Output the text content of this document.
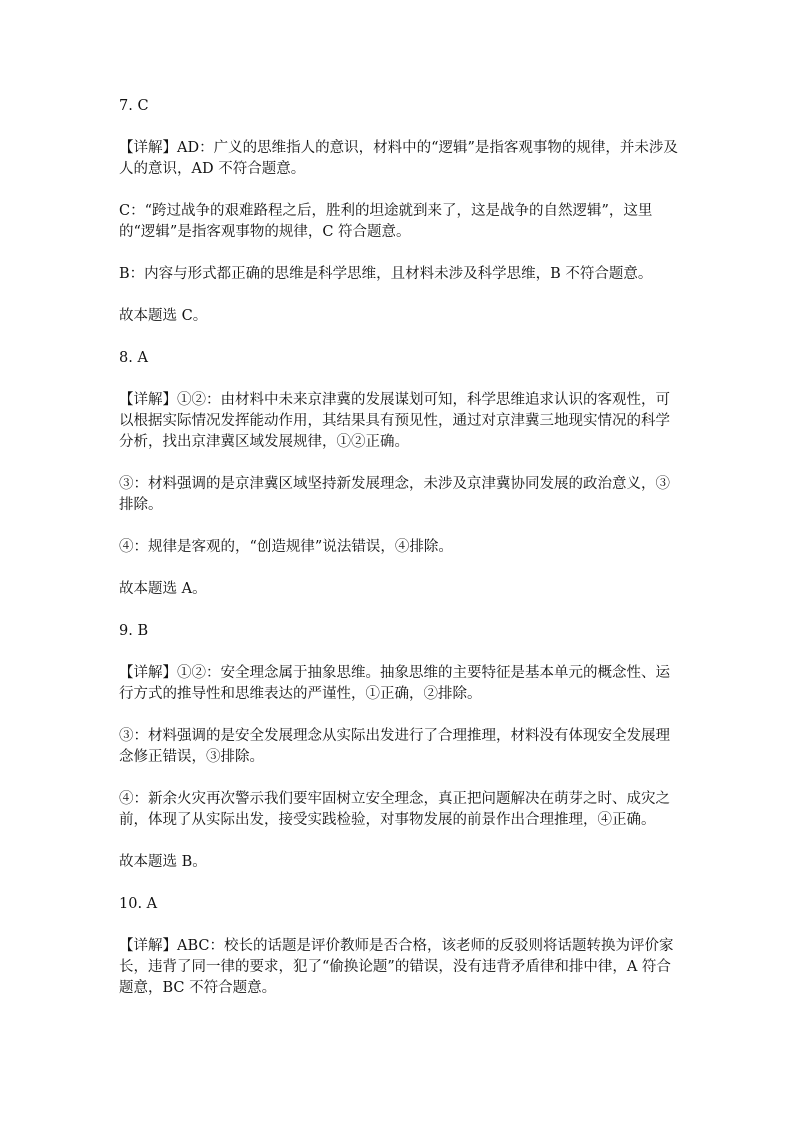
7. C

【详解】AD：广义的思维指人的意识，材料中的“逻辑”是指客观事物的规律，并未涉及人的意识，AD 不符合题意。

C：“跨过战争的艰难路程之后，胜利的坦途就到来了，这是战争的自然逻辑”，这里的“逻辑”是指客观事物的规律，C 符合题意。

B：内容与形式都正确的思维是科学思维，且材料未涉及科学思维，B 不符合题意。

故本题选 C。

8. A

【详解】①②：由材料中未来京津冀的发展谋划可知，科学思维追求认识的客观性，可以根据实际情况发挥能动作用，其结果具有预见性，通过对京津冀三地现实情况的科学分析，找出京津冀区域发展规律，①②正确。

③：材料强调的是京津冀区域坚持新发展理念，未涉及京津冀协同发展的政治意义，③排除。

④：规律是客观的，“创造规律”说法错误，④排除。

故本题选 A。

9. B

【详解】①②：安全理念属于抽象思维。抽象思维的主要特征是基本单元的概念性、运行方式的推导性和思维表达的严谨性，①正确，②排除。

③：材料强调的是安全发展理念从实际出发进行了合理推理，材料没有体现安全发展理念修正错误，③排除。

④：新余火灾再次警示我们要牢固树立安全理念，真正把问题解决在萌芽之时、成灾之前，体现了从实际出发，接受实践检验，对事物发展的前景作出合理推理，④正确。

故本题选 B。

10. A

【详解】ABC：校长的话题是评价教师是否合格，该老师的反驳则将话题转换为评价家长，违背了同一律的要求，犯了“偷换论题”的错误，没有违背矛盾律和排中律，A 符合题意，BC 不符合题意。
